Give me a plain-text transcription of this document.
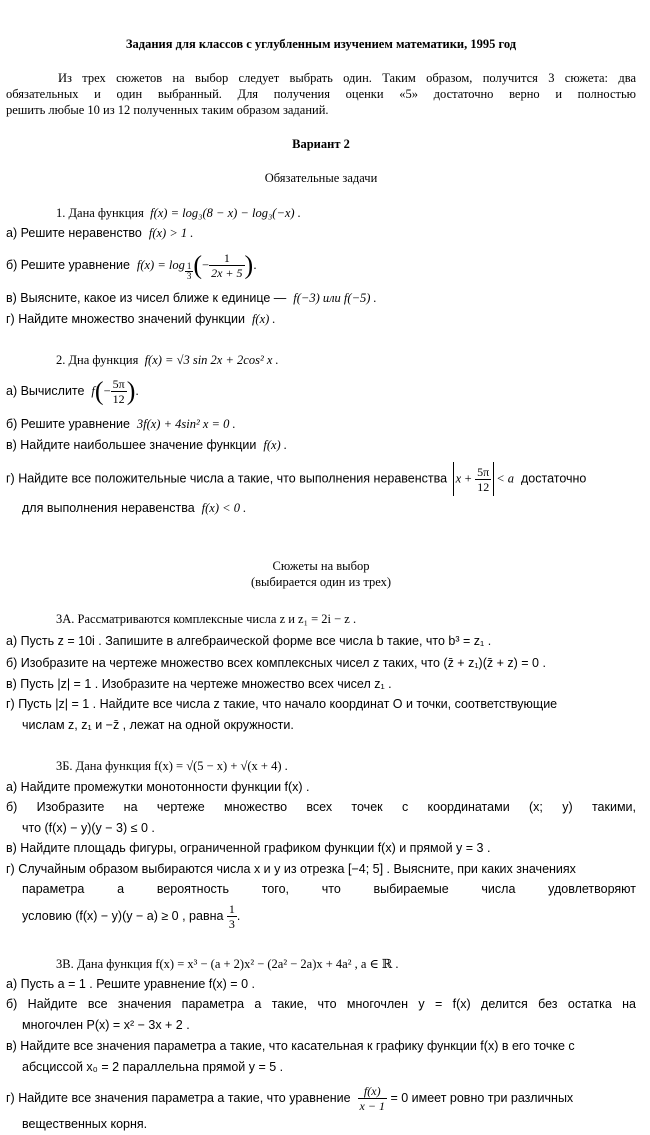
Задания для классов с углубленным изучением математики, 1995 год
Из трех сюжетов на выбор следует выбрать один. Таким образом, получится 3 сюжета: два
обязательных и один выбранный. Для получения оценки «5» достаточно верно и полностью
решить любые 10 из 12 полученных таким образом заданий.
Вариант 2
Обязательные задачи
1. Дана функция f(x) = log₃(8 − x) − log₃(−x) .
а) Решите неравенство f(x) > 1 .
б) Решите уравнение $f(x) = \log \frac{1}{3}$ (− $\frac{1}{2x + 5}$ ).
в) Выясните, какое из чисел ближе к единице — f(−3) или f(−5) .
г) Найдите множество значений функции f(x) .
2. Дна функция f(x) = √3 sin 2x + 2cos² x .
а) Вычислите $f(- \frac{5\pi}{12}$ ).
б) Решите уравнение 3f(x) + 4sin² x = 0 .
в) Найдите наибольшее значение функции f(x) .
г) Найдите все положительные числа a такие, что выполнения неравенства $x + \frac{5\pi}{12} < a$ достаточно
для выполнения неравенства f(x) < 0 .
Сюжеты на выбор
(выбирается один из трех)
3А. Рассматриваются комплексные числа z и z₁ = 2i − z .
а) Пусть z = 10i . Запишите в алгебраической форме все числа b такие, что b³ = z₁ .
б) Изобразите на чертеже множество всех комплексных чисел z таких, что (z̄ + z₁)(z̄ + z) = 0 .
в) Пусть |z| = 1 . Изобразите на чертеже множество всех чисел z₁ .
г) Пусть |z| = 1 . Найдите все числа z такие, что начало координат O и точки, соответствующие
числам z, z₁ и −z̄ , лежат на одной окружности.
3Б. Дана функция f(x) = √(5 − x) + √(x + 4) .
а) Найдите промежутки монотонности функции f(x) .
б) Изобразите на чертеже множество всех точек с координатами (x; y) такими,
что (f(x) − y)(y − 3) ≤ 0 .
в) Найдите площадь фигуры, ограниченной графиком функции f(x) и прямой y = 3 .
г) Случайным образом выбираются числа x и y из отрезка [−4; 5] . Выясните, при каких значениях
параметра a вероятность того, что выбираемые числа удовлетворяют
условию (f(x) − y)(y − a) ≥ 0 , равна $\frac{1}{3}$ .
3В. Дана функция f(x) = x³ − (a + 2)x² − (2a² − 2a)x + 4a² , a ∈ ℝ .
а) Пусть a = 1 . Решите уравнение f(x) = 0 .
б) Найдите все значения параметра a такие, что многочлен y = f(x) делится без остатка на
многочлен P(x) = x² − 3x + 2 .
в) Найдите все значения параметра a такие, что касательная к графику функции f(x) в его точке с
абсциссой x₀ = 2 параллельна прямой y = 5 .
г) Найдите все значения параметра a такие, что уравнение $\frac{f(x)}{x - 1} = 0$ имеет ровно три различных
вещественных корня.
